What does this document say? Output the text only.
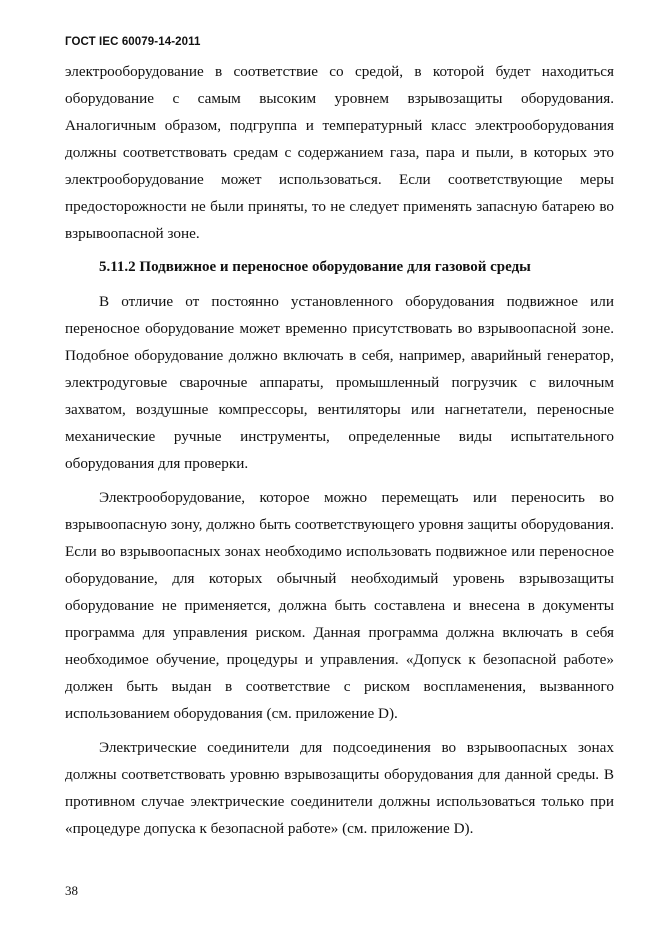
ГОСТ IEC 60079-14-2011

электрооборудование в соответствие со средой, в которой будет находиться оборудование с самым высоким уровнем взрывозащиты оборудования. Аналогичным образом, подгруппа и температурный класс электрооборудования должны соответствовать средам с содержанием газа, пара и пыли, в которых это электрооборудование может использоваться. Если соответствующие меры предосторожности не были приняты, то не следует применять запасную батарею во взрывоопасной зоне.

5.11.2 Подвижное и переносное оборудование для газовой среды

В отличие от постоянно установленного оборудования подвижное или переносное оборудование может временно присутствовать во взрывоопасной зоне. Подобное оборудование должно включать в себя, например, аварийный генератор, электродуговые сварочные аппараты, промышленный погрузчик с вилочным захватом, воздушные компрессоры, вентиляторы или нагнетатели, переносные механические ручные инструменты, определенные виды испытательного оборудования для проверки.

Электрооборудование, которое можно перемещать или переносить во взрывоопасную зону, должно быть соответствующего уровня защиты оборудования. Если во взрывоопасных зонах необходимо использовать подвижное или переносное оборудование, для которых обычный необходимый уровень взрывозащиты оборудование не применяется, должна быть составлена и внесена в документы программа для управления риском. Данная программа должна включать в себя необходимое обучение, процедуры и управления. «Допуск к безопасной работе» должен быть выдан в соответствие с риском воспламенения, вызванного использованием оборудования (см. приложение D).

Электрические соединители для подсоединения во взрывоопасных зонах должны соответствовать уровню взрывозащиты оборудования для данной среды. В противном случае электрические соединители должны использоваться только при «процедуре допуска к безопасной работе» (см. приложение D).

38
